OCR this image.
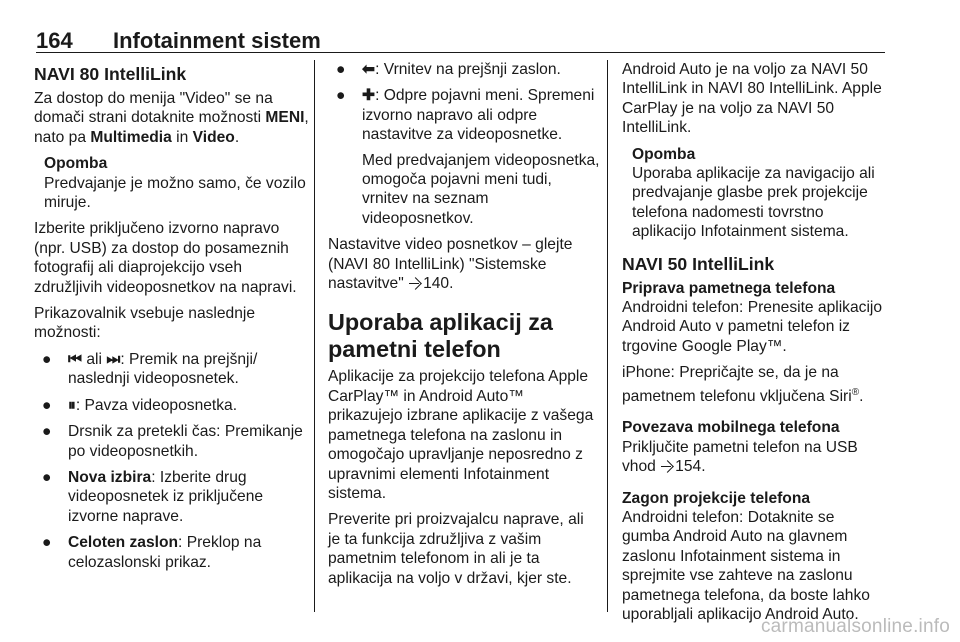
164 Infotainment sistem
NAVI 80 IntelliLink

Za dostop do menija "Video" se na domači strani dotaknite možnosti MENI, nato pa Multimedia in Video.

Opomba
Predvajanje je možno samo, če vozilo miruje.

Izberite priključeno izvorno napravo (npr. USB) za dostop do posameznih fotografij ali diaprojekcijo vseh združljivih videoposnetkov na napravi.

Prikazovalnik vsebuje naslednje možnosti:

● ⏮ ali ⏭: Premik na prejšnji/ naslednji videoposnetek.
● ⏸: Pavza videoposnetka.
● Drsnik za pretekli čas: Premikanje po videoposnetkih.
● Nova izbira: Izberite drug videoposnetek iz priključene izvorne naprave.
● Celoten zaslon: Preklop na celozaslonski prikaz.
● ⬅: Vrnitev na prejšnji zaslon.
● ✚: Odpre pojavni meni. Spremeni izvorno napravo ali odpre nastavitve za videoposnetke.
Med predvajanjem videoposnetka, omogoča pojavni meni tudi, vrnitev na seznam videoposnetkov.

Nastavitve video posnetkov – glejte (NAVI 80 IntelliLink) "Sistemske nastavitve" 140.

Uporaba aplikacij za pametni telefon

Aplikacije za projekcijo telefona Apple CarPlay™ in Android Auto™ prikazujejo izbrane aplikacije z vašega pametnega telefona na zaslonu in omogočajo upravljanje neposredno z upravnimi elementi Infotainment sistema.

Preverite pri proizvajalcu naprave, ali je ta funkcija združljiva z vašim pametnim telefonom in ali je ta aplikacija na voljo v državi, kjer ste.

Android Auto je na voljo za NAVI 50 IntelliLink in NAVI 80 IntelliLink. Apple CarPlay je na voljo za NAVI 50 IntelliLink.

Opomba
Uporaba aplikacije za navigacijo ali predvajanje glasbe prek projekcije telefona nadomesti tovrstno aplikacijo Infotainment sistema.
NAVI 50 IntelliLink
Priprava pametnega telefona

Androidni telefon: Prenesite aplikacijo Android Auto v pametni telefon iz trgovine Google Play™.

iPhone: Prepričajte se, da je na pametnem telefonu vključena Siri®.

Povezava mobilnega telefona

Priključite pametni telefon na USB vhod 154.

Zagon projekcije telefona

Androidni telefon: Dotaknite se gumba Android Auto na glavnem zaslonu Infotainment sistema in sprejmite vse zahteve na zaslonu pametnega telefona, da boste lahko uporabljali aplikacijo Android Auto.

carmanualsonline.info
